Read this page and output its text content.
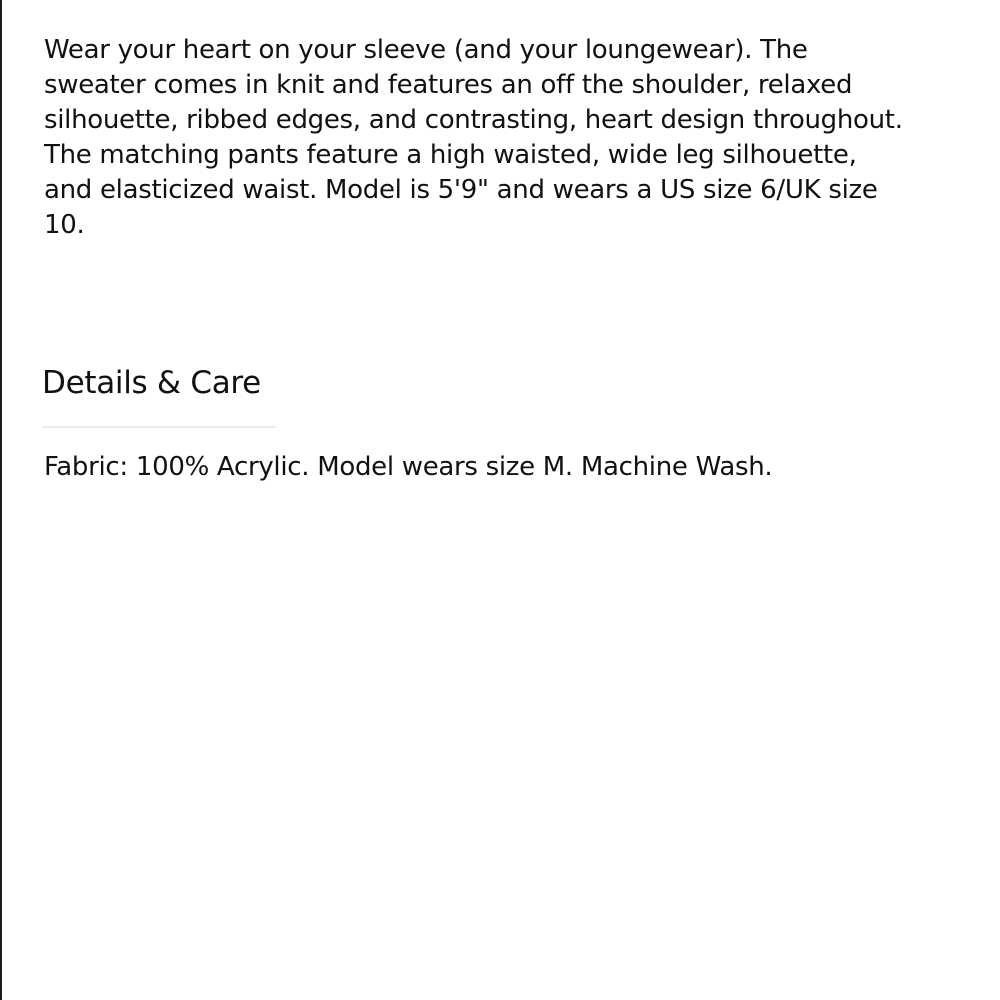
Wear your heart on your sleeve (and your loungewear). The
sweater comes in knit and features an off the shoulder, relaxed
silhouette, ribbed edges, and contrasting, heart design throughout.
The matching pants feature a high waisted, wide leg silhouette,
and elasticized waist. Model is 5'9" and wears a US size 6/UK size
10.

Details & Care

Fabric: 100% Acrylic. Model wears size M. Machine Wash.
